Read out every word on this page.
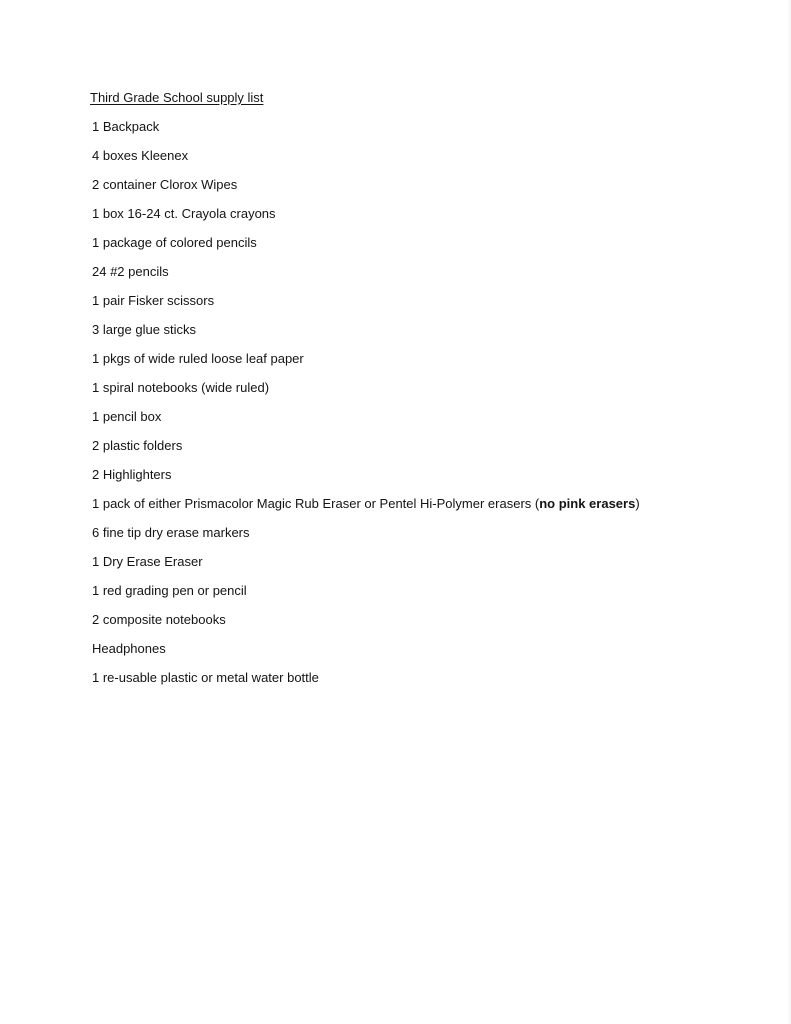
Third Grade School supply list
1 Backpack
4 boxes Kleenex
2 container Clorox Wipes
1 box 16-24 ct. Crayola crayons
1 package of colored pencils
24 #2 pencils
1 pair Fisker scissors
3 large glue sticks
1 pkgs of wide ruled loose leaf paper
1 spiral notebooks (wide ruled)
1 pencil box
2 plastic folders
2 Highlighters
1 pack of either Prismacolor Magic Rub Eraser or Pentel Hi-Polymer erasers (no pink erasers)
6 fine tip dry erase markers
1 Dry Erase Eraser
1 red grading pen or pencil
2 composite notebooks
Headphones
1 re-usable plastic or metal water bottle
